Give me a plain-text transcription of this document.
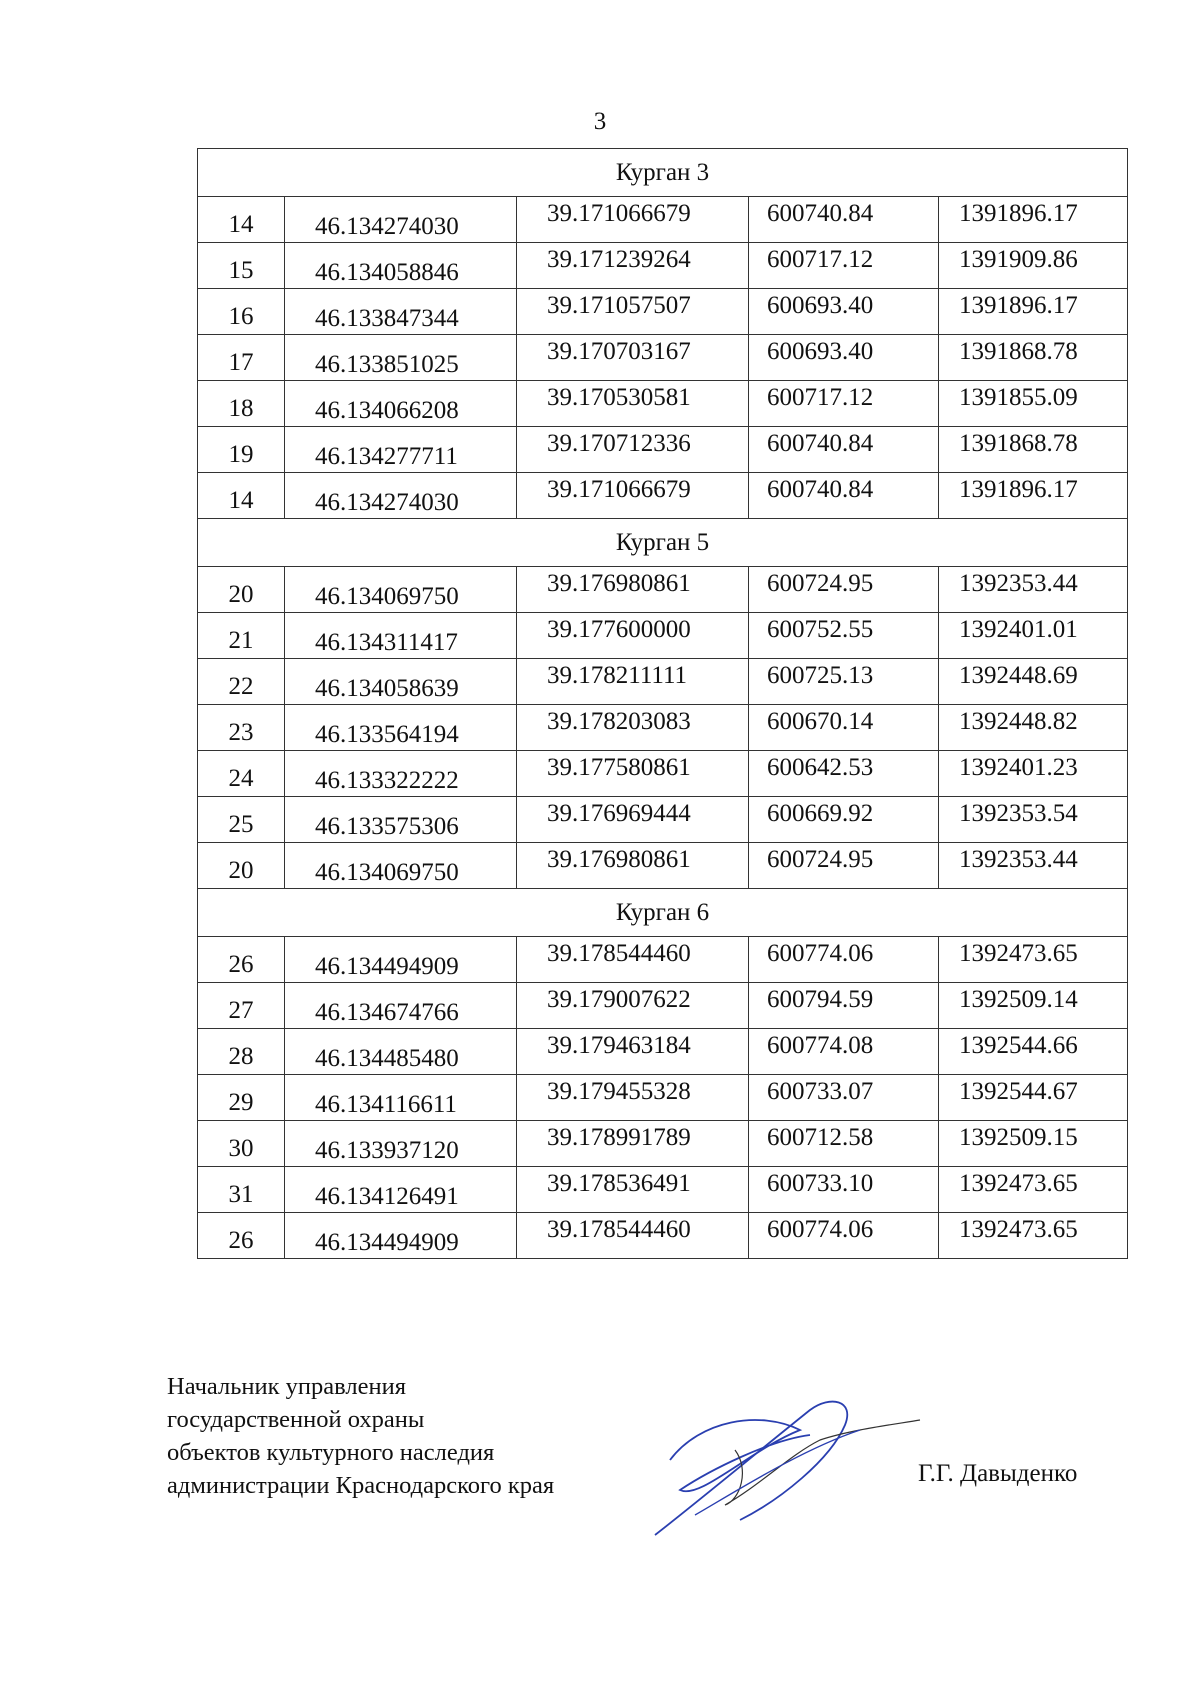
3
Курган 3				
14	46.134274030	39.171066679	600740.84	1391896.17
15	46.134058846	39.171239264	600717.12	1391909.86
16	46.133847344	39.171057507	600693.40	1391896.17
17	46.133851025	39.170703167	600693.40	1391868.78
18	46.134066208	39.170530581	600717.12	1391855.09
19	46.134277711	39.170712336	600740.84	1391868.78
14	46.134274030	39.171066679	600740.84	1391896.17
Курган 5				
20	46.134069750	39.176980861	600724.95	1392353.44
21	46.134311417	39.177600000	600752.55	1392401.01
22	46.134058639	39.178211111	600725.13	1392448.69
23	46.133564194	39.178203083	600670.14	1392448.82
24	46.133322222	39.177580861	600642.53	1392401.23
25	46.133575306	39.176969444	600669.92	1392353.54
20	46.134069750	39.176980861	600724.95	1392353.44
Курган 6				
26	46.134494909	39.178544460	600774.06	1392473.65
27	46.134674766	39.179007622	600794.59	1392509.14
28	46.134485480	39.179463184	600774.08	1392544.66
29	46.134116611	39.179455328	600733.07	1392544.67
30	46.133937120	39.178991789	600712.58	1392509.15
31	46.134126491	39.178536491	600733.10	1392473.65
26	46.134494909	39.178544460	600774.06	1392473.65
Начальник управления
государственной охраны
объектов культурного наследия
администрации Краснодарского края	Г.Г. Давыденко
